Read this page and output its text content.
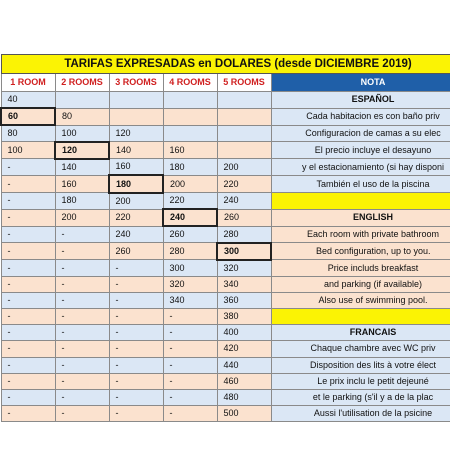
TARIFAS EXPRESADAS en DOLARES (desde DICIEMBRE 2019)					
1 ROOM	2 ROOMS	3 ROOMS	4 ROOMS	5 ROOMS	NOTA
40					ESPAÑOL
60	80				Cada habitacion es con baño priv
80	100	120			Configuracion de camas a su elec
100	120	140	160		El precio incluye el desayuno
-	140	160	180	200	y el estacionamiento (si hay disponi
-	160	180	200	220	También el uso de la piscina
-	180	200	220	240	
-	200	220	240	260	ENGLISH
-	-	240	260	280	Each room with private bathroom
-	-	260	280	300	Bed configuration, up to you.
-	-	-	300	320	Price includs breakfast
-	-	-	320	340	and parking (if available)
-	-	-	340	360	Also use of swimming pool.
-	-	-	-	380	
-	-	-	-	400	FRANCAIS
-	-	-	-	420	Chaque chambre avec WC priv
-	-	-	-	440	Disposition des lits à votre élect
-	-	-	-	460	Le prix inclu le petit dejeuné
-	-	-	-	480	et le parking (s'il y a de la plac
-	-	-	-	500	Aussi l'utilisation de la psicine
